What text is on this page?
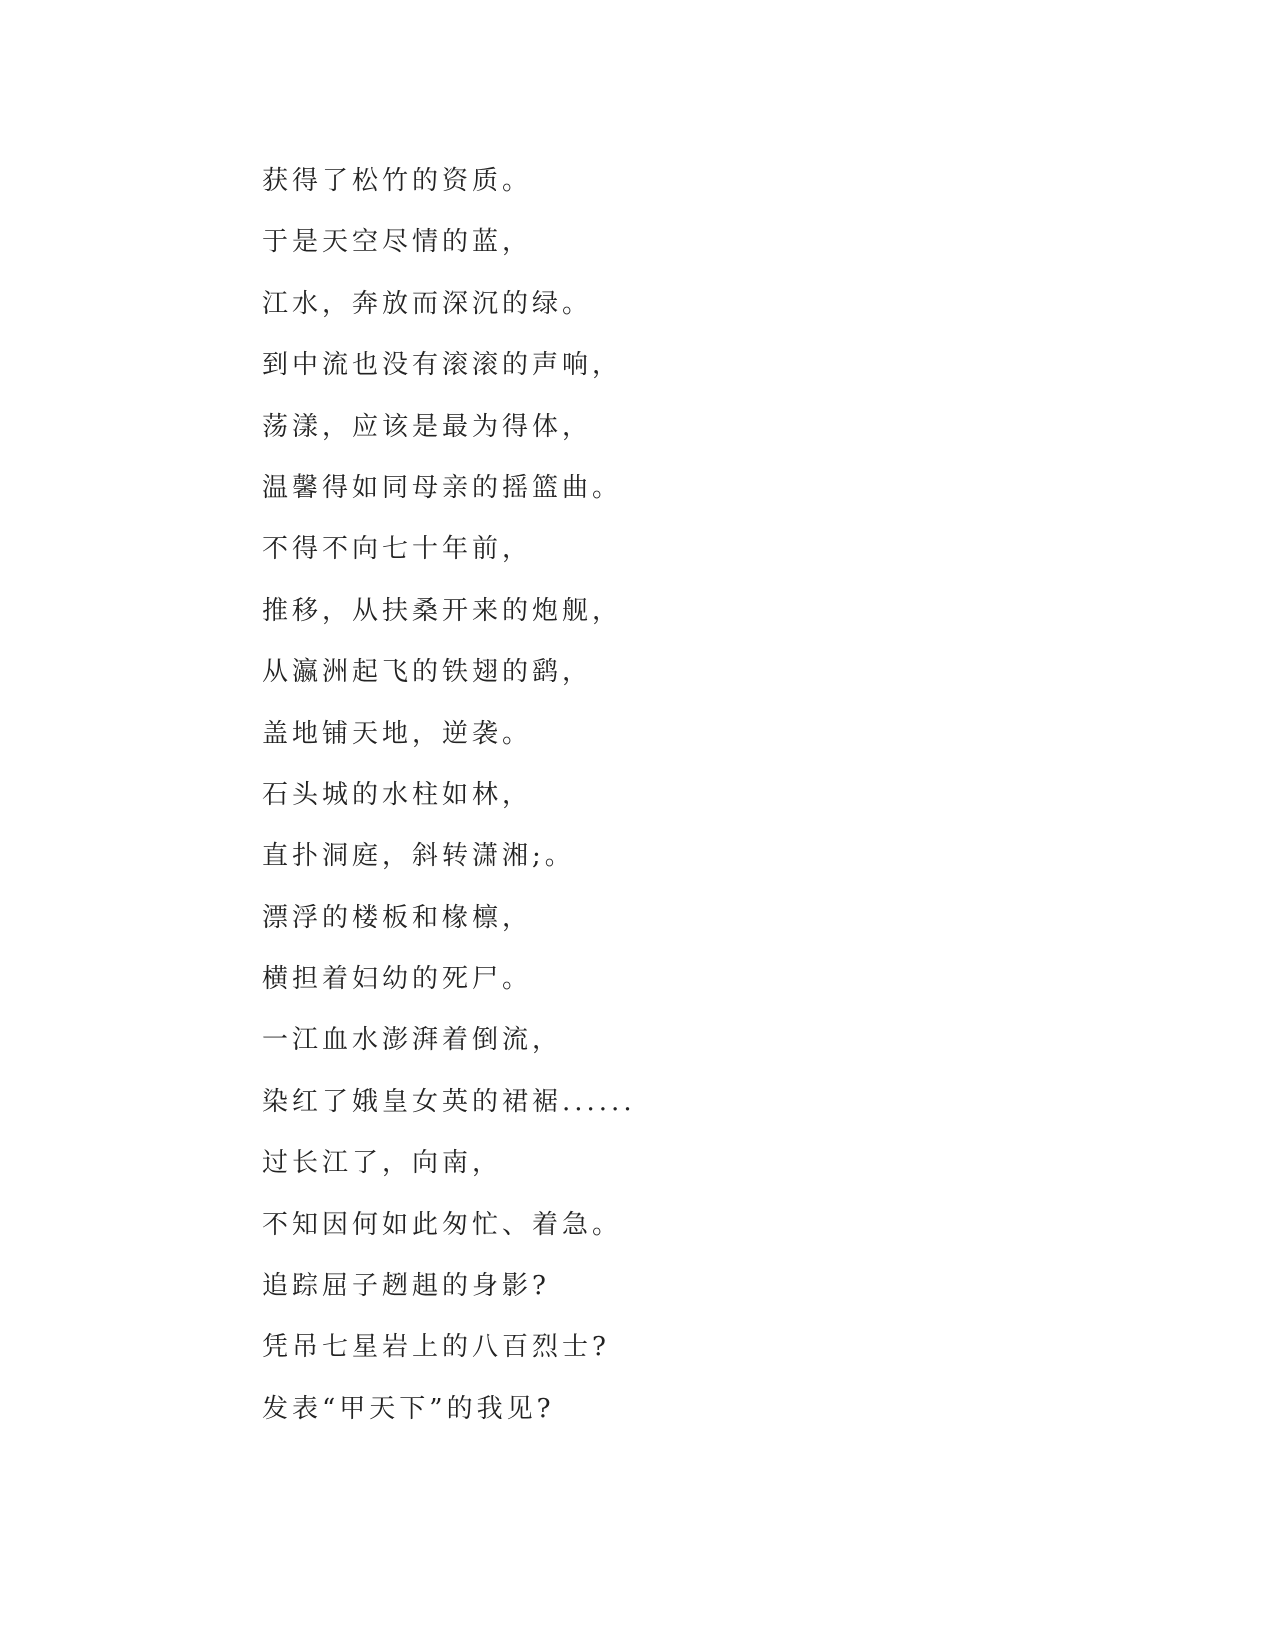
获得了松竹的资质。
于是天空尽情的蓝，
江水，奔放而深沉的绿。
到中流也没有滚滚的声响，
荡漾，应该是最为得体，
温馨得如同母亲的摇篮曲。
不得不向七十年前，
推移，从扶桑开来的炮舰，
从瀛洲起飞的铁翅的鹞，
盖地铺天地，逆袭。
石头城的水柱如林，
直扑洞庭，斜转潇湘;。
漂浮的楼板和椽檩，
横担着妇幼的死尸。
一江血水澎湃着倒流，
染红了娥皇女英的裙裾......
过长江了，向南，
不知因何如此匆忙、着急。
追踪屈子趔趄的身影?
凭吊七星岩上的八百烈士?
发表“甲天下”的我见?
